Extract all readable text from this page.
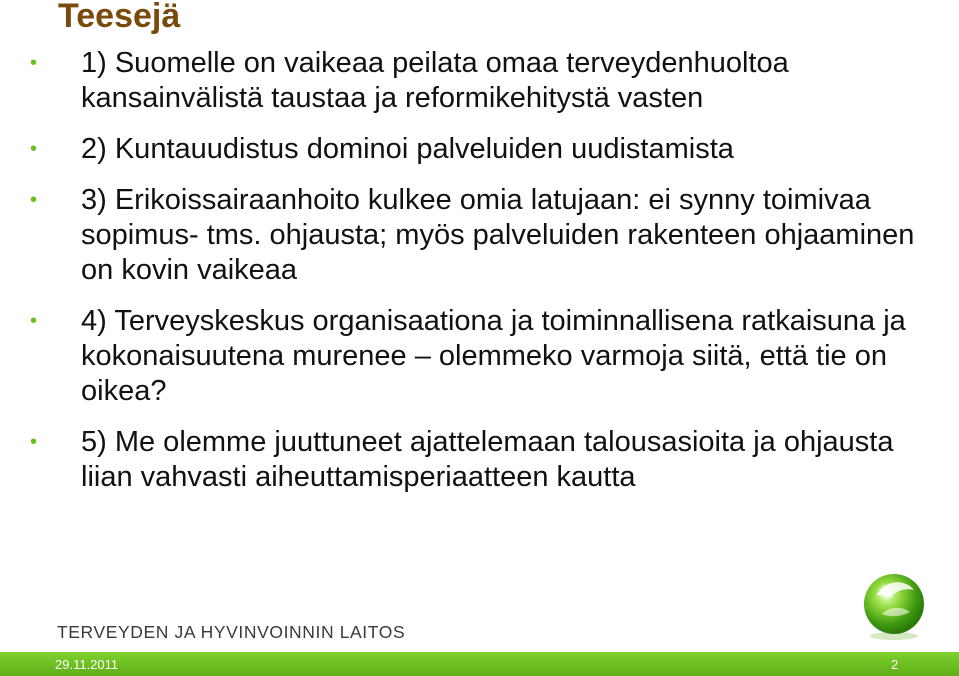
Teesejä
• 1) Suomelle on vaikeaa peilata omaa terveydenhuoltoa kansainvälistä taustaa ja reformikehitystä vasten
• 2) Kuntauudistus dominoi palveluiden uudistamista
• 3) Erikoissairaanhoito kulkee omia latujaan: ei synny toimivaa sopimus- tms. ohjausta; myös palveluiden rakenteen ohjaaminen on kovin vaikeaa
• 4) Terveyskeskus organisaationa ja toiminnallisena ratkaisuna ja kokonaisuutena murenee – olemmeko varmoja siitä, että tie on oikea?
• 5) Me olemme juuttuneet ajattelemaan talousasioita ja ohjausta liian vahvasti aiheuttamisperiaatteen kautta
TERVEYDEN JA HYVINVOINNIN LAITOS
29.11.2011	2
